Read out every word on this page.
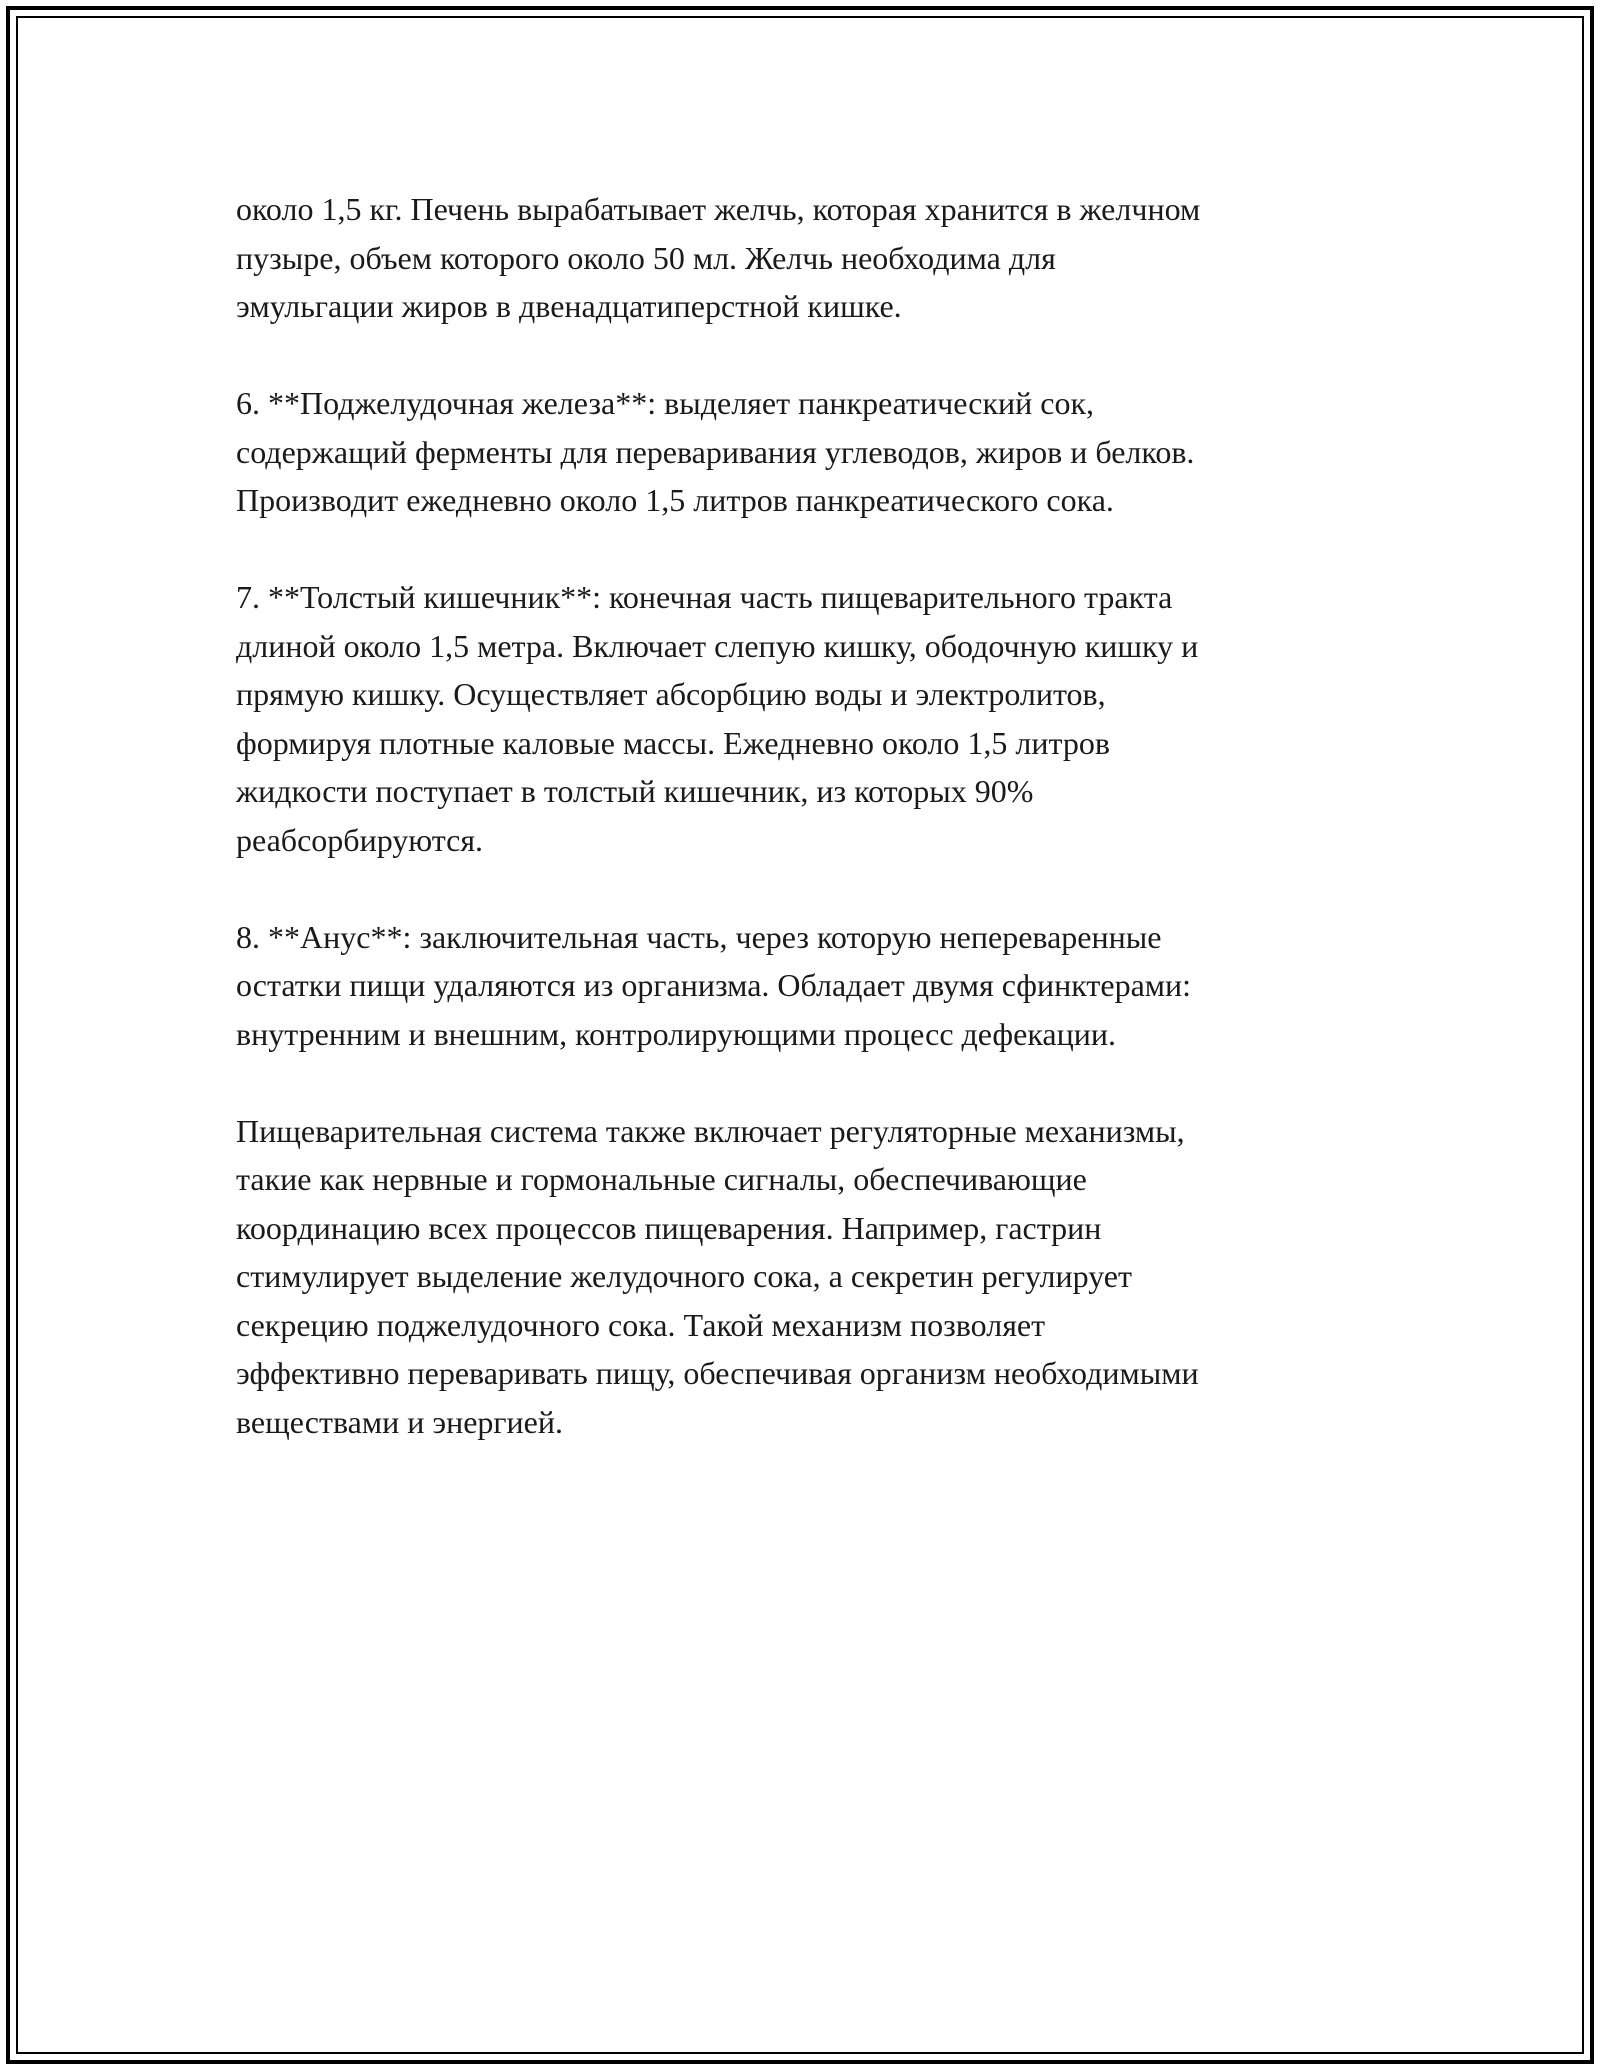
около 1,5 кг. Печень вырабатывает желчь, которая хранится в желчном
пузыре, объем которого около 50 мл. Желчь необходима для
эмульгации жиров в двенадцатиперстной кишке.

6. **Поджелудочная железа**: выделяет панкреатический сок,
содержащий ферменты для переваривания углеводов, жиров и белков.
Производит ежедневно около 1,5 литров панкреатического сока.

7. **Толстый кишечник**: конечная часть пищеварительного тракта
длиной около 1,5 метра. Включает слепую кишку, ободочную кишку и
прямую кишку. Осуществляет абсорбцию воды и электролитов,
формируя плотные каловые массы. Ежедневно около 1,5 литров
жидкости поступает в толстый кишечник, из которых 90%
реабсорбируются.

8. **Анус**: заключительная часть, через которую непереваренные
остатки пищи удаляются из организма. Обладает двумя сфинктерами:
внутренним и внешним, контролирующими процесс дефекации.

Пищеварительная система также включает регуляторные механизмы,
такие как нервные и гормональные сигналы, обеспечивающие
координацию всех процессов пищеварения. Например, гастрин
стимулирует выделение желудочного сока, а секретин регулирует
секрецию поджелудочного сока. Такой механизм позволяет
эффективно переваривать пищу, обеспечивая организм необходимыми
веществами и энергией.
